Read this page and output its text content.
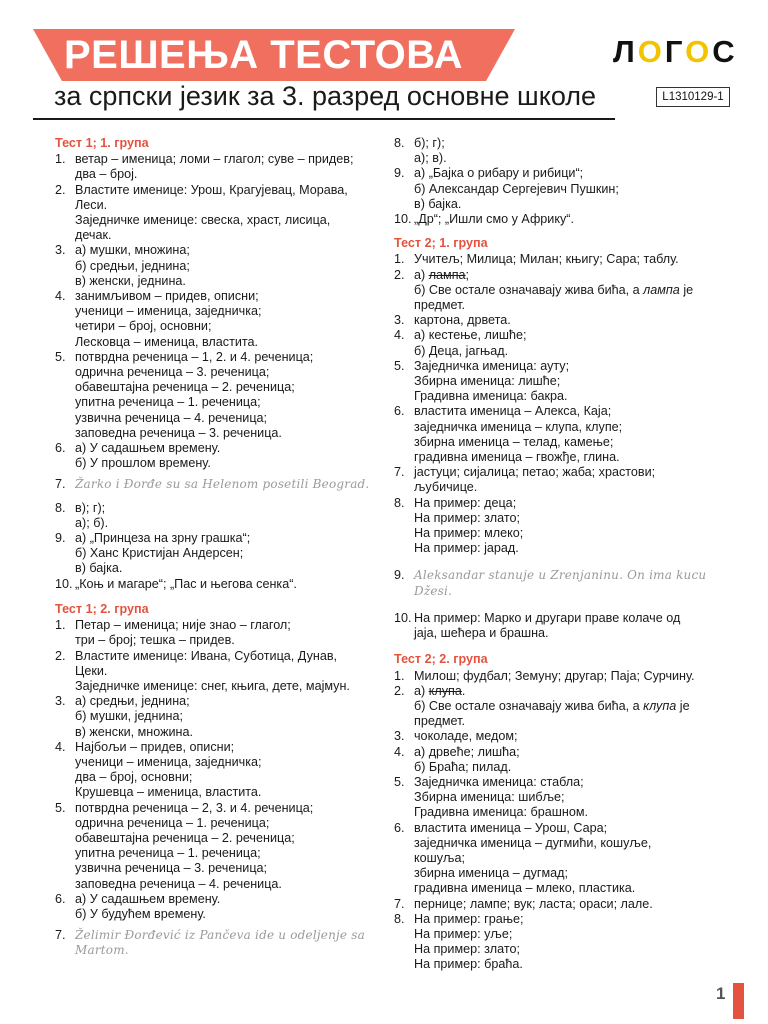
РЕШЕЊА ТЕСТОВА
за српски језик за 3. разред основне школе
ЛОГОС
L1310129-1
Тест 1; 1. група
1. ветар – именица; ломи – глагол; суве – придев;
два – број.
2. Властите именице: Урош, Крагујевац, Морава,
Леси.
Заједничке именице: свеска, храст, лисица,
дечак.
3. а) мушки, множина;
б) средњи, једнина;
в) женски, једнина.
4. занимљивом – придев, описни;
ученици – именица, заједничка;
четири – број, основни;
Лесковца – именица, властита.
5. потврдна реченица – 1, 2. и 4. реченица;
одрична реченица – 3. реченица;
обавештајна реченица – 2. реченица;
упитна реченица – 1. реченица;
узвична реченица – 4. реченица;
заповедна реченица – 3. реченица.
6. а) У садашњем времену.
б) У прошлом времену.
7. Žarko i Đorđe su sa Helenom posetili Beograd.
8. в); г);
а); б).
9. а) „Принцеза на зрну грашка“;
б) Ханс Кристијан Андерсен;
в) бајка.
10. „Коњ и магаре“; „Пас и његова сенка“.
Тест 1; 2. група
1. Петар – именица; није знао – глагол;
три – број; тешка – придев.
2. Властите именице: Ивана, Суботица, Дунав,
Цеки.
Заједничке именице: снег, књига, дете, мајмун.
3. а) средњи, једнина;
б) мушки, једнина;
в) женски, множина.
4. Најбољи – придев, описни;
ученици – именица, заједничка;
два – број, основни;
Крушевца – именица, властита.
5. потврдна реченица – 2, 3. и 4. реченица;
одрична реченица – 1. реченица;
обавештајна реченица – 2. реченица;
упитна реченица – 1. реченица;
узвична реченица – 3. реченица;
заповедна реченица – 4. реченица.
6. а) У садашњем времену.
б) У будућем времену.
7. Želimir Đorđević iz Pančeva ide u odeljenje sa Martom.
8. б); г);
а); в).
9. а) „Бајка о рибару и рибици“;
б) Александар Сергејевич Пушкин;
в) бајка.
10. „Др“; „Ишли смо у Африку“.
Тест 2; 1. група
1. Учитељ; Милица; Милан; књигу; Сара; таблу.
2. а) лампа;
б) Све остале означавају жива бића, а лампа је
предмет.
3. картона, дрвета.
4. а) кестење, лишће;
б) Деца, јагњад.
5. Заједничка именица: ауту;
Збирна именица: лишће;
Градивна именица: бакра.
6. властита именица – Алекса, Каја;
заједничка именица – клупа, клупе;
збирна именица – телад, камење;
градивна именица – гвожђе, глина.
7. јастуци; сијалица; петао; жаба; храстови;
љубичице.
8. На пример: деца;
На пример: злато;
На пример: млеко;
На пример: јарад.
9. Aleksandar stanuje u Zrenjaninu. On ima kucu Džesi.
10. На пример: Марко и другари праве колаче од
јаја, шећера и брашна.
Тест 2; 2. група
1. Милош; фудбал; Земуну; другар; Паја; Сурчину.
2. а) клупа.
б) Све остале означавају жива бића, а клупа је
предмет.
3. чоколаде, медом;
4. а) дрвеће; лишћа;
б) Браћа; пилад.
5. Заједничка именица: стабла;
Збирна именица: шибље;
Градивна именица: брашном.
6. властита именица – Урош, Сара;
заједничка именица – дугмићи, кошуље,
кошуља;
збирна именица – дугмад;
градивна именица – млеко, пластика.
7. пернице; лампе; вук; ласта; ораси; лале.
8. На пример: грање;
На пример: уље;
На пример: злато;
На пример: браћа.
1
